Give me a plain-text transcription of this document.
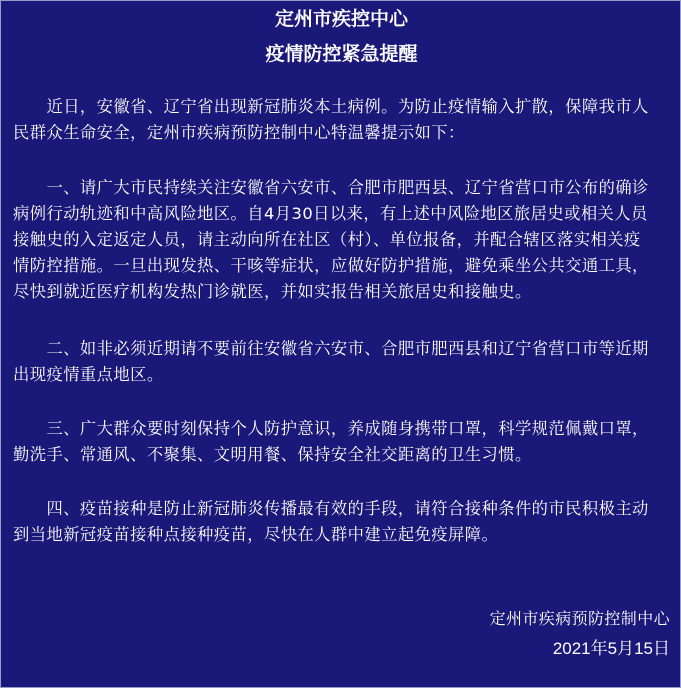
定州市疾控中心
疫情防控紧急提醒

　　近日，安徽省、辽宁省出现新冠肺炎本土病例。为防止疫情输入扩散，保障我市人
民群众生命安全，定州市疾病预防控制中心特温馨提示如下：

　　一、请广大市民持续关注安徽省六安市、合肥市肥西县、辽宁省营口市公布的确诊
病例行动轨迹和中高风险地区。自4月30日以来，有上述中风险地区旅居史或相关人员
接触史的入定返定人员，请主动向所在社区（村）、单位报备，并配合辖区落实相关疫
情防控措施。一旦出现发热、干咳等症状，应做好防护措施，避免乘坐公共交通工具，
尽快到就近医疗机构发热门诊就医，并如实报告相关旅居史和接触史。

　　二、如非必须近期请不要前往安徽省六安市、合肥市肥西县和辽宁省营口市等近期
出现疫情重点地区。

　　三、广大群众要时刻保持个人防护意识，养成随身携带口罩，科学规范佩戴口罩，
勤洗手、常通风、不聚集、文明用餐、保持安全社交距离的卫生习惯。

　　四、疫苗接种是防止新冠肺炎传播最有效的手段，请符合接种条件的市民积极主动
到当地新冠疫苗接种点接种疫苗，尽快在人群中建立起免疫屏障。

定州市疾病预防控制中心

2021年5月15日
